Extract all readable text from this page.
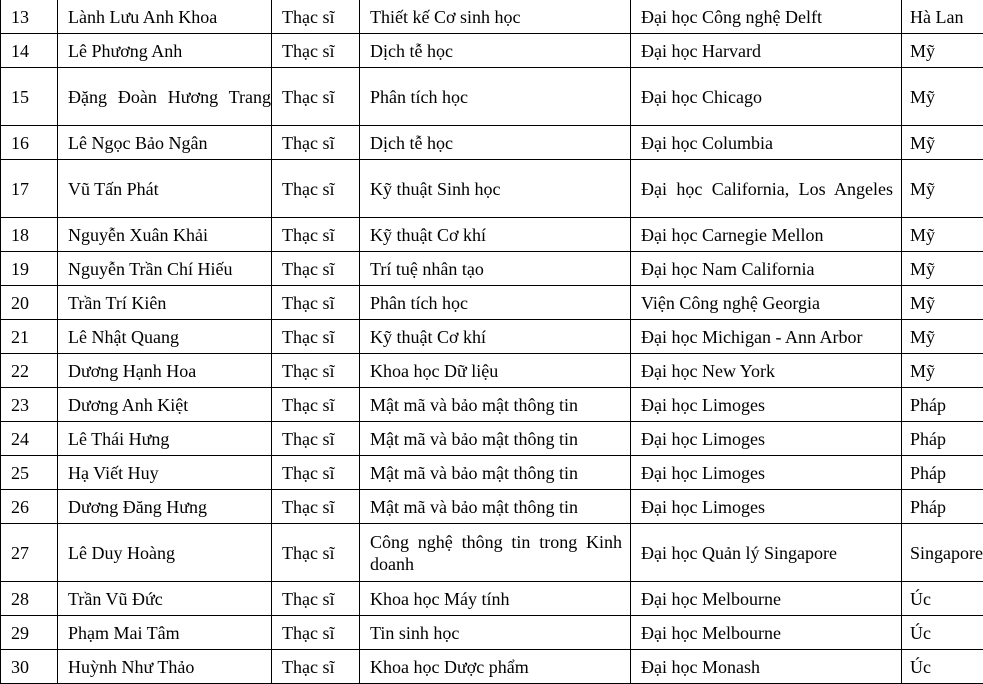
13	Lành Lưu Anh Khoa	Thạc sĩ	Thiết kế Cơ sinh học	Đại học Công nghệ Delft	Hà Lan
14	Lê Phương Anh	Thạc sĩ	Dịch tễ học	Đại học Harvard	Mỹ
15	Đặng Đoàn Hương Trang	Thạc sĩ	Phân tích học	Đại học Chicago	Mỹ
16	Lê Ngọc Bảo Ngân	Thạc sĩ	Dịch tễ học	Đại học Columbia	Mỹ
17	Vũ Tấn Phát	Thạc sĩ	Kỹ thuật Sinh học	Đại học California, Los Angeles	Mỹ
18	Nguyễn Xuân Khải	Thạc sĩ	Kỹ thuật Cơ khí	Đại học Carnegie Mellon	Mỹ
19	Nguyễn Trần Chí Hiếu	Thạc sĩ	Trí tuệ nhân tạo	Đại học Nam California	Mỹ
20	Trần Trí Kiên	Thạc sĩ	Phân tích học	Viện Công nghệ Georgia	Mỹ
21	Lê Nhật Quang	Thạc sĩ	Kỹ thuật Cơ khí	Đại học Michigan - Ann Arbor	Mỹ
22	Dương Hạnh Hoa	Thạc sĩ	Khoa học Dữ liệu	Đại học New York	Mỹ
23	Dương Anh Kiệt	Thạc sĩ	Mật mã và bảo mật thông tin	Đại học Limoges	Pháp
24	Lê Thái Hưng	Thạc sĩ	Mật mã và bảo mật thông tin	Đại học Limoges	Pháp
25	Hạ Viết Huy	Thạc sĩ	Mật mã và bảo mật thông tin	Đại học Limoges	Pháp
26	Dương Đăng Hưng	Thạc sĩ	Mật mã và bảo mật thông tin	Đại học Limoges	Pháp
27	Lê Duy Hoàng	Thạc sĩ	Công nghệ thông tin trong Kinh doanh	Đại học Quản lý Singapore	Singapore
28	Trần Vũ Đức	Thạc sĩ	Khoa học Máy tính	Đại học Melbourne	Úc
29	Phạm Mai Tâm	Thạc sĩ	Tin sinh học	Đại học Melbourne	Úc
30	Huỳnh Như Thảo	Thạc sĩ	Khoa học Dược phẩm	Đại học Monash	Úc
